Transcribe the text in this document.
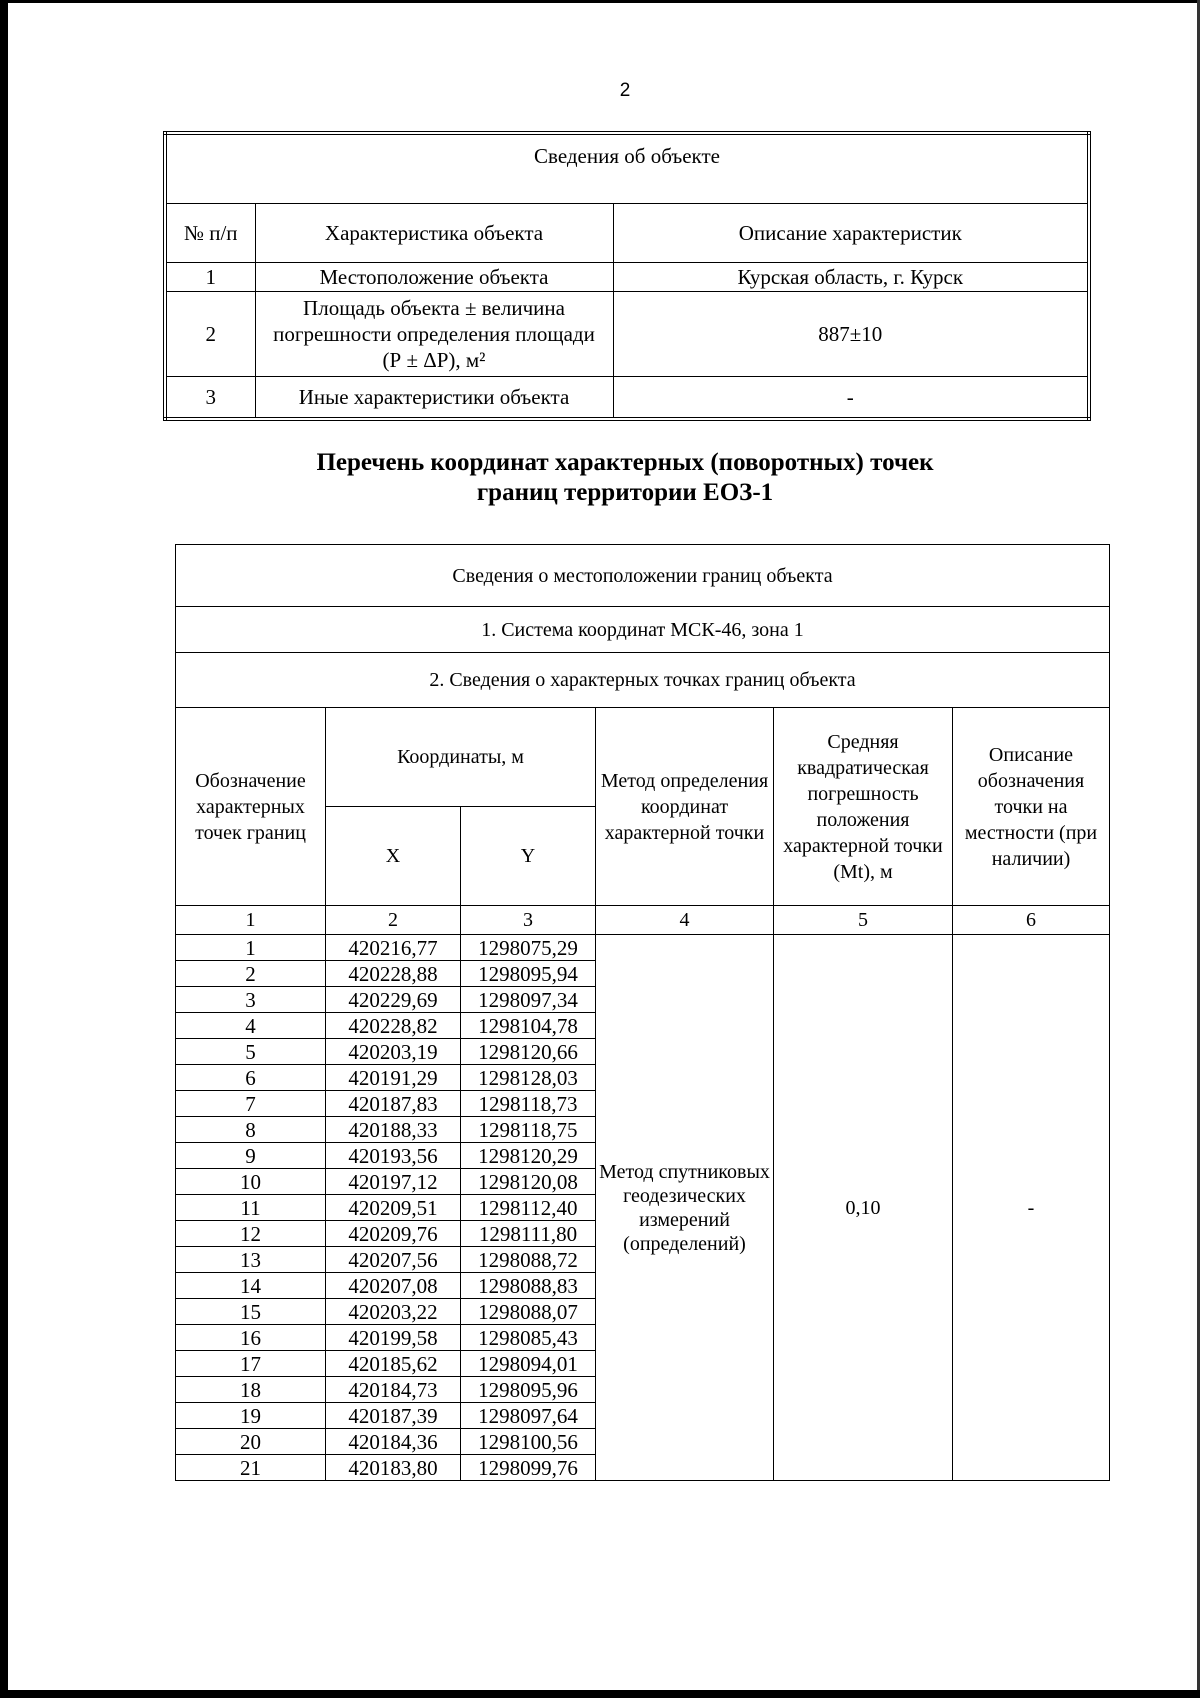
2
Сведения об объекте		
№ п/п	Характеристика объекта	Описание характеристик
1	Местоположение объекта	Курская область, г. Курск
2	Площадь объекта ± величина погрешности определения площади (Р ± ΔР), м²	887±10
3	Иные характеристики объекта	-
Перечень координат характерных (поворотных) точек
границ территории ЕОЗ-1
Сведения о местоположении границ объекта					
1. Система координат МСК-46, зона 1					
2. Сведения о характерных точках границ объекта					
Обозначение характерных точек границ	Координаты, м		Метод определения координат характерной точки	Средняя квадратическая погрешность положения характерной точки (Мt), м	Описание обозначения точки на местности (при наличии)
	X	Y			
1	2	3	4	5	6
1	420216,77	1298075,29	Метод спутниковых геодезических измерений (определений)	0,10	-
2	420228,88	1298095,94			
3	420229,69	1298097,34			
4	420228,82	1298104,78			
5	420203,19	1298120,66			
6	420191,29	1298128,03			
7	420187,83	1298118,73			
8	420188,33	1298118,75			
9	420193,56	1298120,29			
10	420197,12	1298120,08			
11	420209,51	1298112,40			
12	420209,76	1298111,80			
13	420207,56	1298088,72			
14	420207,08	1298088,83			
15	420203,22	1298088,07			
16	420199,58	1298085,43			
17	420185,62	1298094,01			
18	420184,73	1298095,96			
19	420187,39	1298097,64			
20	420184,36	1298100,56			
21	420183,80	1298099,76			
